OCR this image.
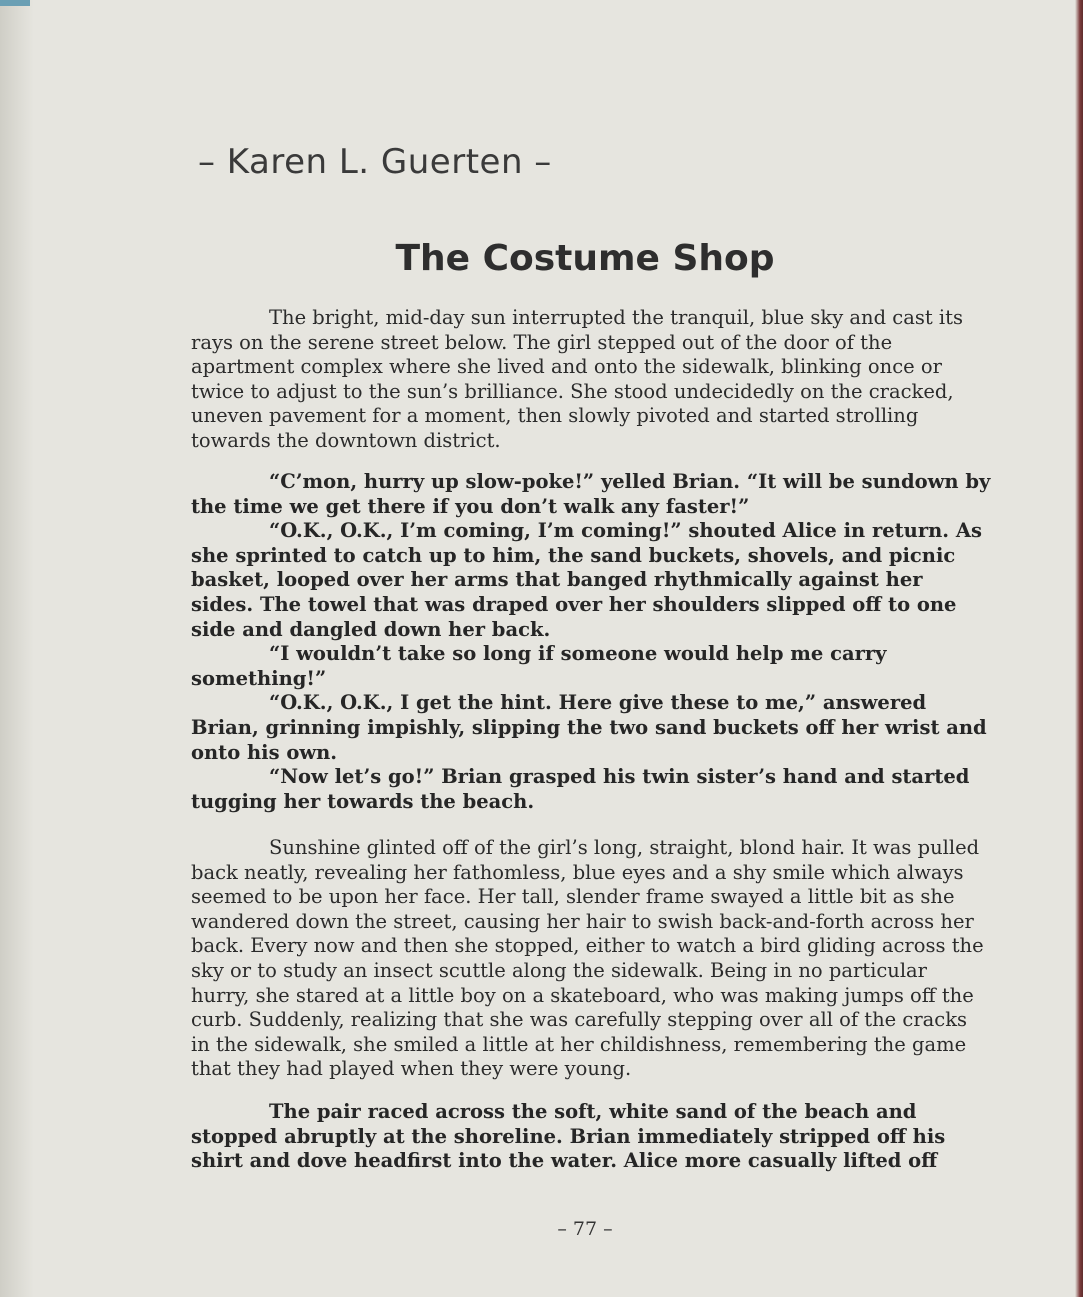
– Karen L. Guerten –
The Costume Shop

The bright, mid-day sun interrupted the tranquil, blue sky and cast its rays on the serene street below. The girl stepped out of the door of the apartment complex where she lived and onto the sidewalk, blinking once or twice to adjust to the sun’s brilliance. She stood undecidedly on the cracked, uneven pavement for a moment, then slowly pivoted and started strolling towards the downtown district.

“C’mon, hurry up slow-poke!” yelled Brian. “It will be sundown by the time we get there if you don’t walk any faster!”

“O.K., O.K., I’m coming, I’m coming!” shouted Alice in return. As she sprinted to catch up to him, the sand buckets, shovels, and picnic basket, looped over her arms that banged rhythmically against her sides. The towel that was draped over her shoulders slipped off to one side and dangled down her back.

“I wouldn’t take so long if someone would help me carry something!”

“O.K., O.K., I get the hint. Here give these to me,” answered Brian, grinning impishly, slipping the two sand buckets off her wrist and onto his own.

“Now let’s go!” Brian grasped his twin sister’s hand and started tugging her towards the beach.

Sunshine glinted off of the girl’s long, straight, blond hair. It was pulled back neatly, revealing her fathomless, blue eyes and a shy smile which always seemed to be upon her face. Her tall, slender frame swayed a little bit as she wandered down the street, causing her hair to swish back-and-forth across her back. Every now and then she stopped, either to watch a bird gliding across the sky or to study an insect scuttle along the sidewalk. Being in no particular hurry, she stared at a little boy on a skateboard, who was making jumps off the curb. Suddenly, realizing that she was carefully stepping over all of the cracks in the sidewalk, she smiled a little at her childishness, remembering the game that they had played when they were young.

The pair raced across the soft, white sand of the beach and stopped abruptly at the shoreline. Brian immediately stripped off his shirt and dove headfirst into the water. Alice more casually lifted off

– 77 –
